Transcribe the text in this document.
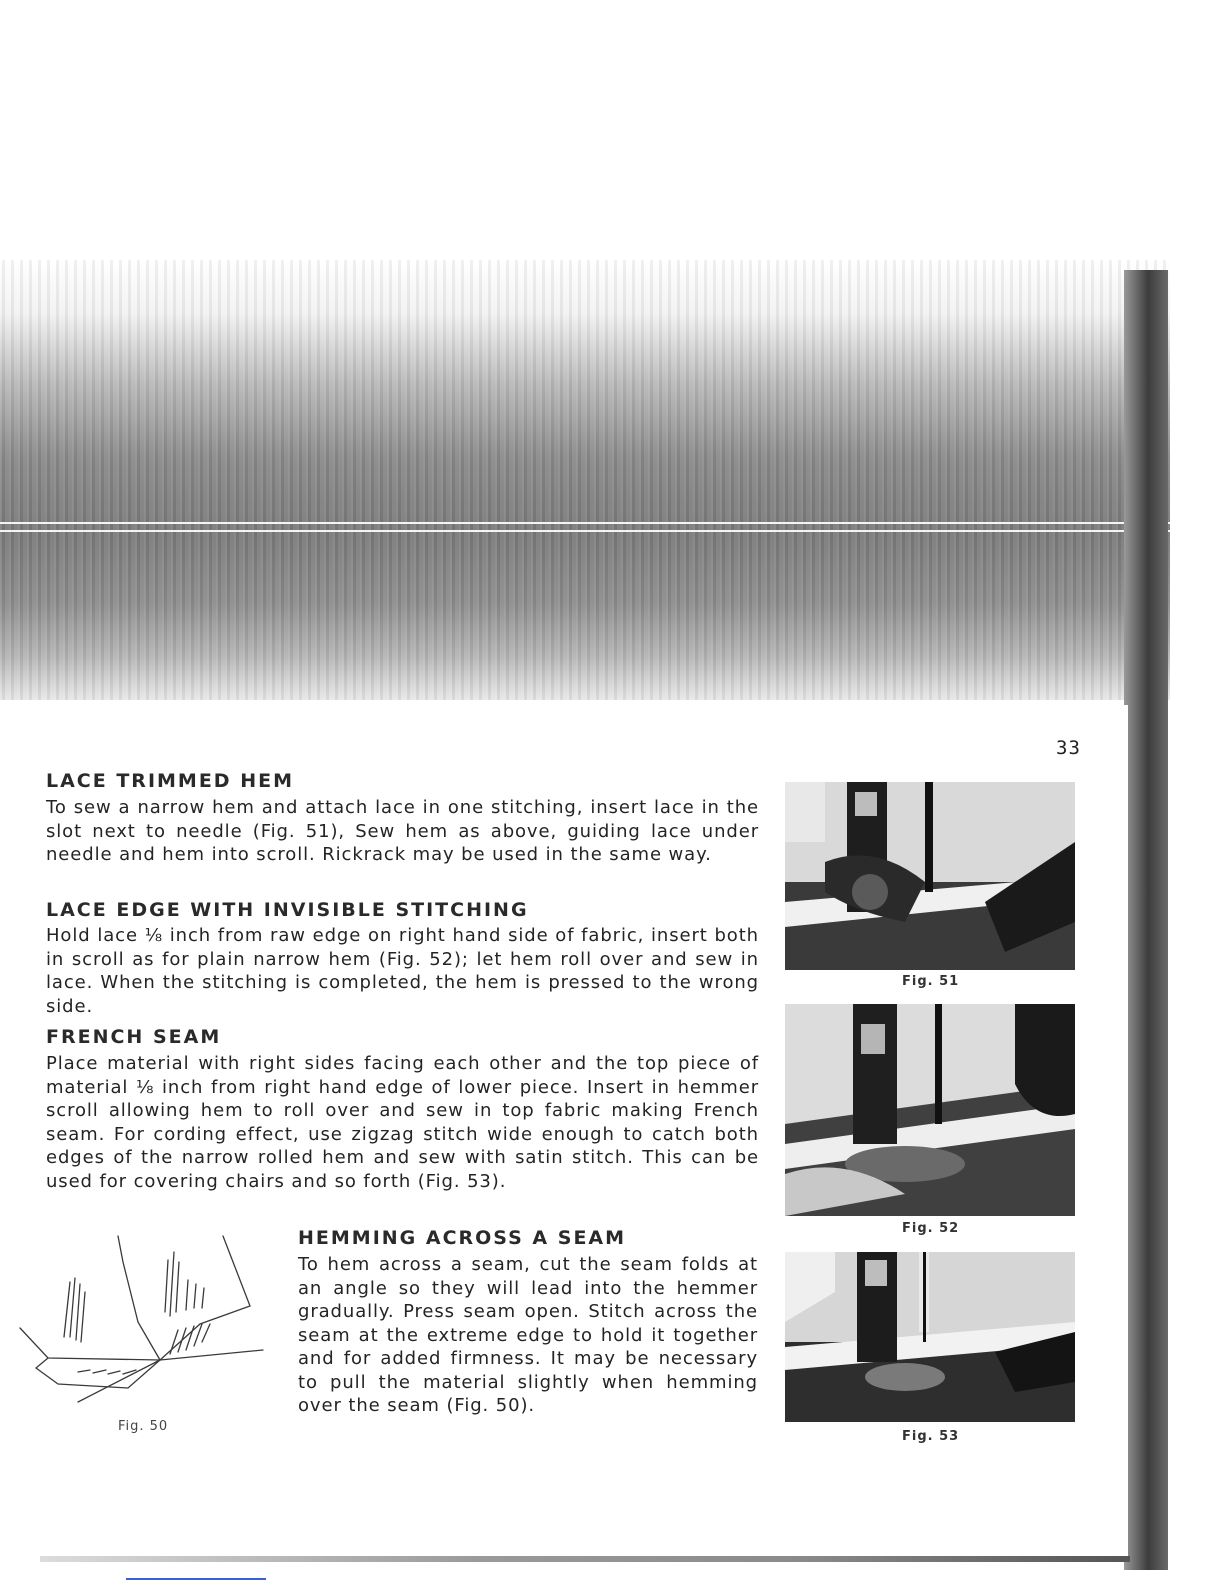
33
LACE TRIMMED HEM

To sew a narrow hem and attach lace in one stitching, insert lace in the slot next to needle (Fig. 51), Sew hem as above, guiding lace under needle and hem into scroll. Rickrack may be used in the same way.

LACE EDGE WITH INVISIBLE STITCHING

Hold lace ⅛ inch from raw edge on right hand side of fabric, insert both in scroll as for plain narrow hem (Fig. 52); let hem roll over and sew in lace. When the stitching is completed, the hem is pressed to the wrong side.

FRENCH SEAM

Place material with right sides facing each other and the top piece of material ⅛ inch from right hand edge of lower piece. Insert in hemmer scroll allowing hem to roll over and sew in top fabric making French seam. For cording effect, use zigzag stitch wide enough to catch both edges of the narrow rolled hem and sew with satin stitch. This can be used for covering chairs and so forth (Fig. 53).

HEMMING ACROSS A SEAM

To hem across a seam, cut the seam folds at an angle so they will lead into the hemmer gradually. Press seam open. Stitch across the seam at the extreme edge to hold it together and for added firmness. It may be necessary to pull the material slightly when hemming over the seam (Fig. 50).

Fig. 51
Fig. 52
Fig. 53
Fig. 50
